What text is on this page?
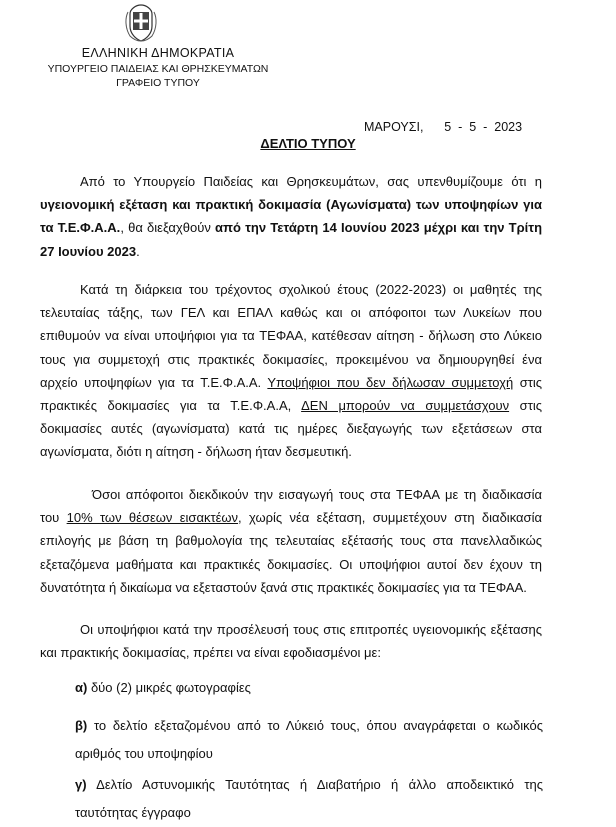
ΕΛΛΗΝΙΚΗ ΔΗΜΟΚΡΑΤΙΑ

ΥΠΟΥΡΓΕΙΟ ΠΑΙΔΕΙΑΣ ΚΑΙ ΘΡΗΣΚΕΥΜΑΤΩΝ

ΓΡΑΦΕΙΟ ΤΥΠΟΥ

ΜΑΡΟΥΣΙ,      5  -  5  -  2023
ΔΕΛΤΙΟ ΤΥΠΟΥ

Από το Υπουργείο Παιδείας και Θρησκευμάτων, σας υπενθυμίζουμε ότι η υγειονομική εξέταση και πρακτική δοκιμασία (Αγωνίσματα) των υποψηφίων για τα Τ.Ε.Φ.Α.Α., θα διεξαχθούν από την Τετάρτη 14 Ιουνίου 2023 μέχρι και την Τρίτη 27 Ιουνίου 2023.

Κατά τη διάρκεια του τρέχοντος σχολικού έτους (2022-2023) οι μαθητές της τελευταίας τάξης, των ΓΕΛ και ΕΠΑΛ καθώς και οι απόφοιτοι των Λυκείων που επιθυμούν να είναι υποψήφιοι για τα ΤΕΦΑΑ, κατέθεσαν αίτηση - δήλωση στο Λύκειο τους για συμμετοχή στις πρακτικές δοκιμασίες, προκειμένου να δημιουργηθεί ένα αρχείο υποψηφίων για τα Τ.Ε.Φ.Α.Α. Υποψήφιοι που δεν δήλωσαν συμμετοχή στις πρακτικές δοκιμασίες για τα Τ.Ε.Φ.Α.Α, ΔΕΝ μπορούν να συμμετάσχουν στις δοκιμασίες αυτές (αγωνίσματα) κατά τις ημέρες διεξαγωγής των εξετάσεων στα αγωνίσματα, διότι η αίτηση - δήλωση ήταν δεσμευτική.

Όσοι απόφοιτοι διεκδικούν την εισαγωγή τους στα ΤΕΦΑΑ με τη διαδικασία του 10% των θέσεων εισακτέων, χωρίς νέα εξέταση, συμμετέχουν στη διαδικασία επιλογής με βάση τη βαθμολογία της τελευταίας εξέτασής τους στα πανελλαδικώς εξεταζόμενα μαθήματα και πρακτικές δοκιμασίες. Οι υποψήφιοι αυτοί δεν έχουν τη δυνατότητα ή δικαίωμα να εξεταστούν ξανά στις πρακτικές δοκιμασίες για τα ΤΕΦΑΑ.

Οι υποψήφιοι κατά την προσέλευσή τους στις επιτροπές υγειονομικής εξέτασης και πρακτικής δοκιμασίας, πρέπει να είναι εφοδιασμένοι με:

α) δύο (2) μικρές φωτογραφίες

β) το δελτίο εξεταζομένου από το Λύκειό τους, όπου αναγράφεται ο κωδικός αριθμός του υποψηφίου

γ) Δελτίο Αστυνομικής Ταυτότητας ή Διαβατήριο ή άλλο αποδεικτικό της ταυτότητας έγγραφο
